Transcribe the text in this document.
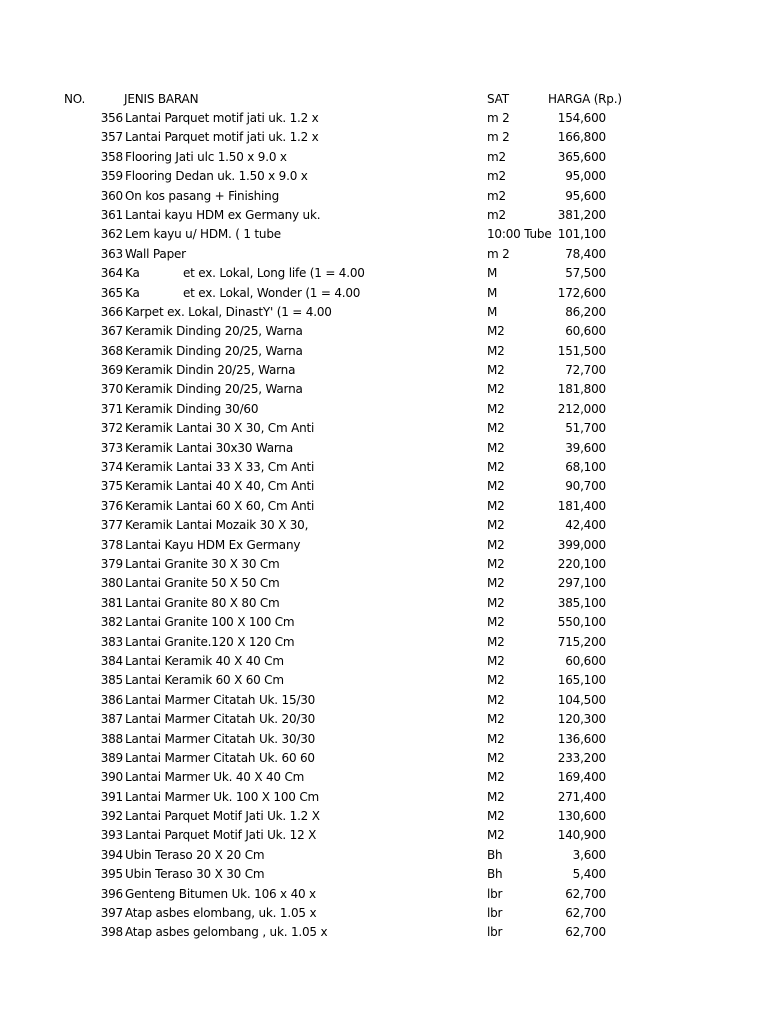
NO.	JENIS BARAN	SAT	HARGA (Rp.)
356 Lantai Parquet motif jati uk. 1.2 x	m 2	154,600
357 Lantai Parquet motif jati uk. 1.2 x	m 2	166,800
358 Flooring Jati ulc 1.50 x 9.0 x	m2	365,600
359 Flooring Dedan uk. 1.50 x 9.0 x	m2	95,000
360 On kos pasang + Finishing	m2	95,600
361 Lantai kayu HDM ex Germany uk.	m2	381,200
362 Lem kayu u/ HDM. ( 1 tube	10:00 Tube 101,100
363 Wall Paper	m 2	78,400
364 Ka            et ex. Lokal, Long life (1 = 4.00	M	57,500
365 Ka            et ex. Lokal, Wonder (1 = 4.00	M	172,600
366 Karpet ex. Lokal, DinastY' (1 = 4.00	M	86,200
367 Keramik Dinding 20/25, Warna	M2	60,600
368 Keramik Dinding 20/25, Warna	M2	151,500
369 Keramik Dindin 20/25, Warna	M2	72,700
370 Keramik Dinding 20/25, Warna	M2	181,800
371 Keramik Dinding 30/60	M2	212,000
372 Keramik Lantai 30 X 30, Cm Anti	M2	51,700
373 Keramik Lantai 30x30 Warna	M2	39,600
374 Keramik Lantai 33 X 33, Cm Anti	M2	68,100
375 Keramik Lantai 40 X 40, Cm Anti	M2	90,700
376 Keramik Lantai 60 X 60, Cm Anti	M2	181,400
377 Keramik Lantai Mozaik 30 X 30,	M2	42,400
378 Lantai Kayu HDM Ex Germany	M2	399,000
379 Lantai Granite 30 X 30 Cm	M2	220,100
380 Lantai Granite 50 X 50 Cm	M2	297,100
381 Lantai Granite 80 X 80 Cm	M2	385,100
382 Lantai Granite 100 X 100 Cm	M2	550,100
383 Lantai Granite.120 X 120 Cm	M2	715,200
384 Lantai Keramik 40 X 40 Cm	M2	60,600
385 Lantai Keramik 60 X 60 Cm	M2	165,100
386 Lantai Marmer Citatah Uk. 15/30	M2	104,500
387 Lantai Marmer Citatah Uk. 20/30	M2	120,300
388 Lantai Marmer Citatah Uk. 30/30	M2	136,600
389 Lantai Marmer Citatah Uk. 60 60	M2	233,200
390 Lantai Marmer Uk. 40 X 40 Cm	M2	169,400
391 Lantai Marmer Uk. 100 X 100 Cm	M2	271,400
392 Lantai Parquet Motif Jati Uk. 1.2 X	M2	130,600
393 Lantai Parquet Motif Jati Uk. 12 X	M2	140,900
394 Ubin Teraso 20 X 20 Cm	Bh	3,600
395 Ubin Teraso 30 X 30 Cm	Bh	5,400
396 Genteng Bitumen Uk. 106 x 40 x	lbr	62,700
397 Atap asbes elombang, uk. 1.05 x	lbr	62,700
398 Atap asbes gelombang , uk. 1.05 x	lbr	62,700
